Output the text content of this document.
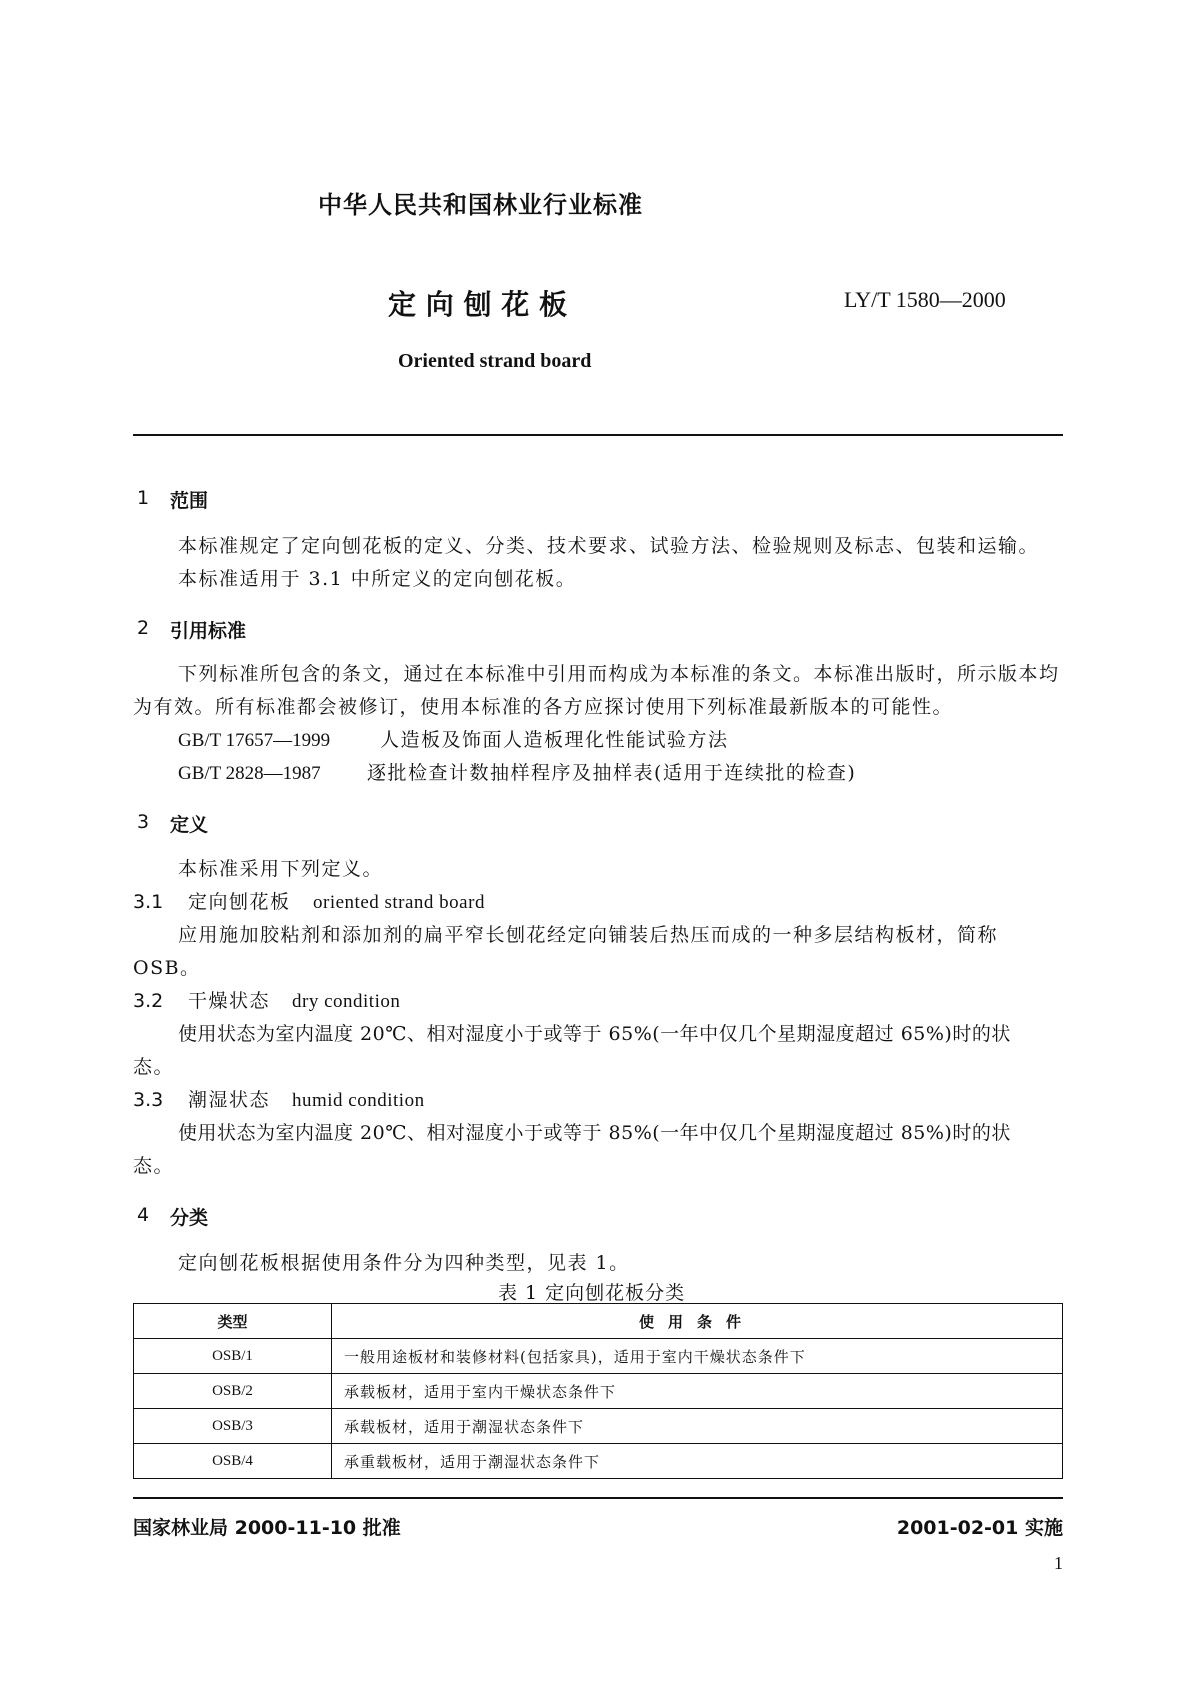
中华人民共和国林业行业标准
定 向 刨 花 板	LY/T 1580—2000
Oriented strand board
1 范围
本标准规定了定向刨花板的定义、分类、技术要求、试验方法、检验规则及标志、包装和运输。
本标准适用于 3.1 中所定义的定向刨花板。
2 引用标准
下列标准所包含的条文，通过在本标准中引用而构成为本标准的条文。本标准出版时，所示版本均
为有效。所有标准都会被修订，使用本标准的各方应探讨使用下列标准最新版本的可能性。
GB/T 17657—1999	人造板及饰面人造板理化性能试验方法
GB/T 2828—1987 逐批检查计数抽样程序及抽样表(适用于连续批的检查)
3 定义
本标准采用下列定义。
3.1 定向刨花板 oriented strand board
应用施加胶粘剂和添加剂的扁平窄长刨花经定向铺装后热压而成的一种多层结构板材，简称
OSB。
3.2 干燥状态 dry condition
使用状态为室内温度 20℃、相对湿度小于或等于 65%(一年中仅几个星期湿度超过 65%)时的状
态。
3.3 潮湿状态 humid condition
使用状态为室内温度 20℃、相对湿度小于或等于 85%(一年中仅几个星期湿度超过 85%)时的状
态。
4 分类
定向刨花板根据使用条件分为四种类型，见表 1。
表 1 定向刨花板分类
类型	使用条件
OSB/1	一般用途板材和装修材料(包括家具)，适用于室内干燥状态条件下
OSB/2	承载板材，适用于室内干燥状态条件下
OSB/3	承载板材，适用于潮湿状态条件下
OSB/4	承重载板材，适用于潮湿状态条件下
国家林业局 2000-11-10 批准	2001-02-01 实施
1
